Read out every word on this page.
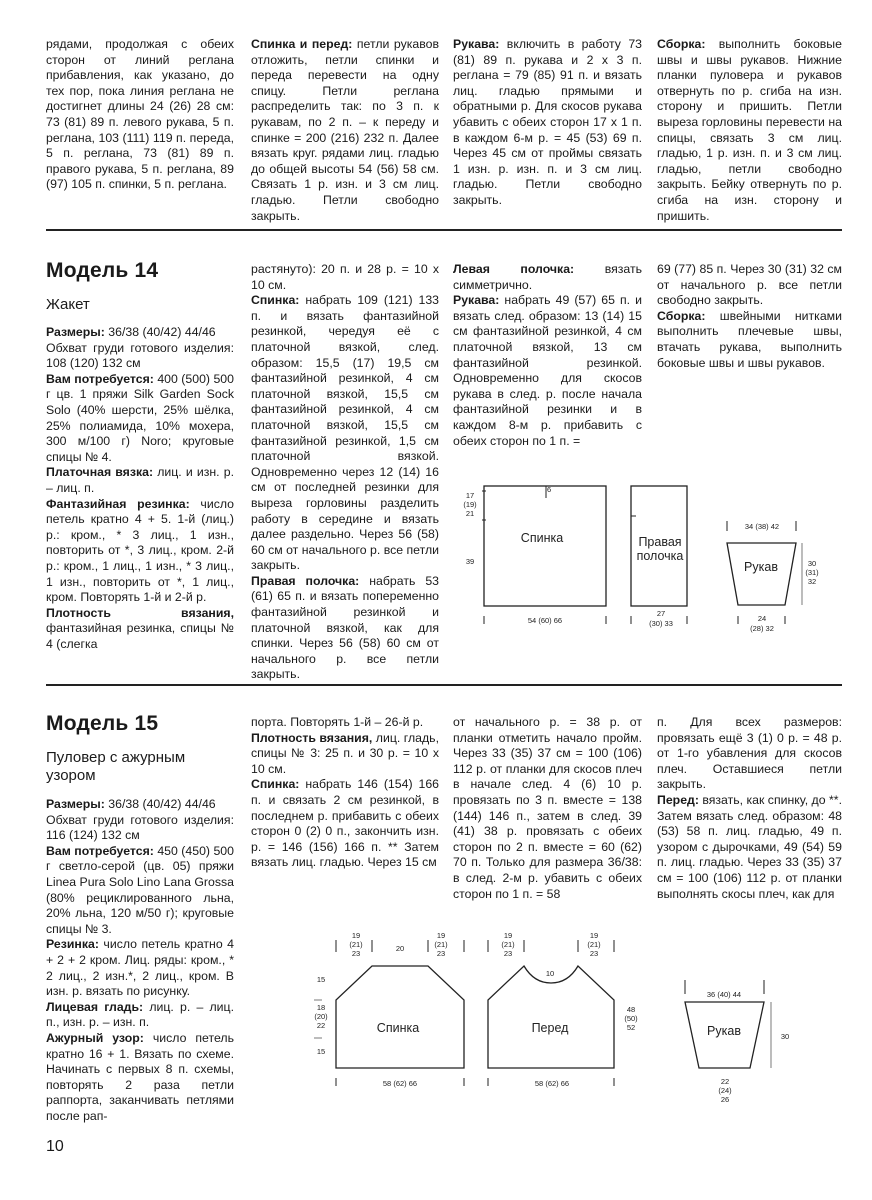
рядами, продолжая с обеих сторон от линий реглана прибавления, как указано, до тех пор, пока линия реглана не достигнет длины 24 (26) 28 см: 73 (81) 89 п. левого рукава, 5 п. реглана, 103 (111) 119 п. переда, 5 п. реглана, 73 (81) 89 п. правого рукава, 5 п. реглана, 89 (97) 105 п. спинки, 5 п. реглана.

Спинка и перед: петли рукавов отложить, петли спинки и переда перевести на одну спицу. Петли реглана распределить так: по 3 п. к рукавам, по 2 п. – к переду и спинке = 200 (216) 232 п. Далее вязать круг. рядами лиц. гладью до общей высоты 54 (56) 58 см. Связать 1 р. изн. и 3 см лиц. гладью. Петли свободно закрыть.

Рукава: включить в работу 73 (81) 89 п. рукава и 2 х 3 п. реглана = 79 (85) 91 п. и вязать лиц. гладью прямыми и обратными р. Для скосов рукава убавить с обеих сторон 17 х 1 п. в каждом 6-м р. = 45 (53) 69 п. Через 45 см от проймы связать 1 изн. р. изн. п. и 3 см лиц. гладью. Петли свободно закрыть.

Сборка: выполнить боковые швы и швы рукавов. Нижние планки пуловера и рукавов отвернуть по р. сгиба на изн. сторону и пришить. Петли выреза горловины перевести на спицы, связать 3 см лиц. гладью, 1 р. изн. п. и 3 см лиц. гладью, петли свободно закрыть. Бейку отвернуть по р. сгиба на изн. сторону и пришить.

Модель 14
Жакет

Размеры: 36/38 (40/42) 44/46

Обхват груди готового изделия: 108 (120) 132 см

Вам потребуется: 400 (500) 500 г цв. 1 пряжи Silk Garden Sock Solo (40% шерсти, 25% шёлка, 25% полиамида, 10% мохера, 300 м/100 г) Noro; круговые спицы № 4.

Платочная вязка: лиц. и изн. р. – лиц. п.

Фантазийная резинка: число петель кратно 4 + 5. 1-й (лиц.) р.: кром., * 3 лиц., 1 изн., повторить от *, 3 лиц., кром. 2-й р.: кром., 1 лиц., 1 изн., * 3 лиц., 1 изн., повторить от *, 1 лиц., кром. Повторять 1-й и 2-й р.

Плотность вязания, фантазийная резинка, спицы № 4 (слегка

растянуто): 20 п. и 28 р. = 10 х 10 см.

Спинка: набрать 109 (121) 133 п. и вязать фантазийной резинкой, чередуя её с платочной вязкой, след. образом: 15,5 (17) 19,5 см фантазийной резинкой, 4 см платочной вязкой, 15,5 см фантазийной резинкой, 4 см платочной вязкой, 15,5 см фантазийной резинкой, 1,5 см платочной вязкой. Одновременно через 12 (14) 16 см от последней резинки для выреза горловины разделить работу в середине и вязать далее раздельно. Через 56 (58) 60 см от начального р. все петли закрыть.

Правая полочка: набрать 53 (61) 65 п. и вязать попеременно фантазийной резинкой и платочной вязкой, как для спинки. Через 56 (58) 60 см от начального р. все петли закрыть.

Левая полочка: вязать симметрично.

Рукава: набрать 49 (57) 65 п. и вязать след. образом: 13 (14) 15 см фантазийной резинкой, 4 см платочной вязкой, 13 см фантазийной резинкой. Одновременно для скосов рукава в след. р. после начала фантазийной резинки и в каждом 8-м р. прибавить с обеих сторон по 1 п. =

69 (77) 85 п. Через 30 (31) 32 см от начального р. все петли свободно закрыть.

Сборка: швейными нитками выполнить плечевые швы, втачать рукава, выполнить боковые швы и швы рукавов.

Спинка
6
17
(19)
21
39
54 (60) 66
Правая
полочка
27
(30) 33
34 (38) 42
Рукав	30
(31)
32
24
(28) 32
Модель 15
Пуловер с ажурным узором

Размеры: 36/38 (40/42) 44/46

Обхват груди готового изделия: 116 (124) 132 см

Вам потребуется: 450 (450) 500 г светло-серой (цв. 05) пряжи Linea Pura Solo Lino Lana Grossa (80% рециклированного льна, 20% льна, 120 м/50 г); круговые спицы № 3.

Резинка: число петель кратно 4 + 2 + 2 кром. Лиц. ряды: кром., * 2 лиц., 2 изн.*, 2 лиц., кром. В изн. р. вязать по рисунку.

Лицевая гладь: лиц. р. – лиц. п., изн. р. – изн. п.

Ажурный узор: число петель кратно 16 + 1. Вязать по схеме. Начинать с первых 8 п. схемы, повторять 2 раза петли раппорта, заканчивать петлями после рап-

порта. Повторять 1-й – 26-й р.

Плотность вязания, лиц. гладь, спицы № 3: 25 п. и 30 р. = 10 х 10 см.

Спинка: набрать 146 (154) 166 п. и связать 2 см резинкой, в последнем р. прибавить с обеих сторон 0 (2) 0 п., закончить изн. р. = 146 (156) 166 п. ** Затем вязать лиц. гладью. Через 15 см

от начального р. = 38 р. от планки отметить начало пройм. Через 33 (35) 37 см = 100 (106) 112 р. от планки для скосов плеч в начале след. 4 (6) 10 р. провязать по 3 п. вместе = 138 (144) 146 п., затем в след. 39 (41) 38 р. провязать с обеих сторон по 2 п. вместе = 60 (62) 70 п. Только для размера 36/38: в след. 2-м р. убавить с обеих сторон по 1 п. = 58

п. Для всех размеров: провязать ещё 3 (1) 0 р. = 48 р. от 1-го убавления для скосов плеч. Оставшиеся петли закрыть.

Перед: вязать, как спинку, до **. Затем вязать след. образом: 48 (53) 58 п. лиц. гладью, 49 п. узором с дырочками, 49 (54) 59 п. лиц. гладью. Через 33 (35) 37 см = 100 (106) 112 р. от планки выполнять скосы плеч, как для

Спинка
19
(21)
23
20
19
(21)
23
15
18
(20)
22
15
58 (62) 66
Перед
19
(21)
23
19
(21)
23
10
48
(50)
52
58 (62) 66
36 (40) 44
Рукав	30
22
(24)
26
10
